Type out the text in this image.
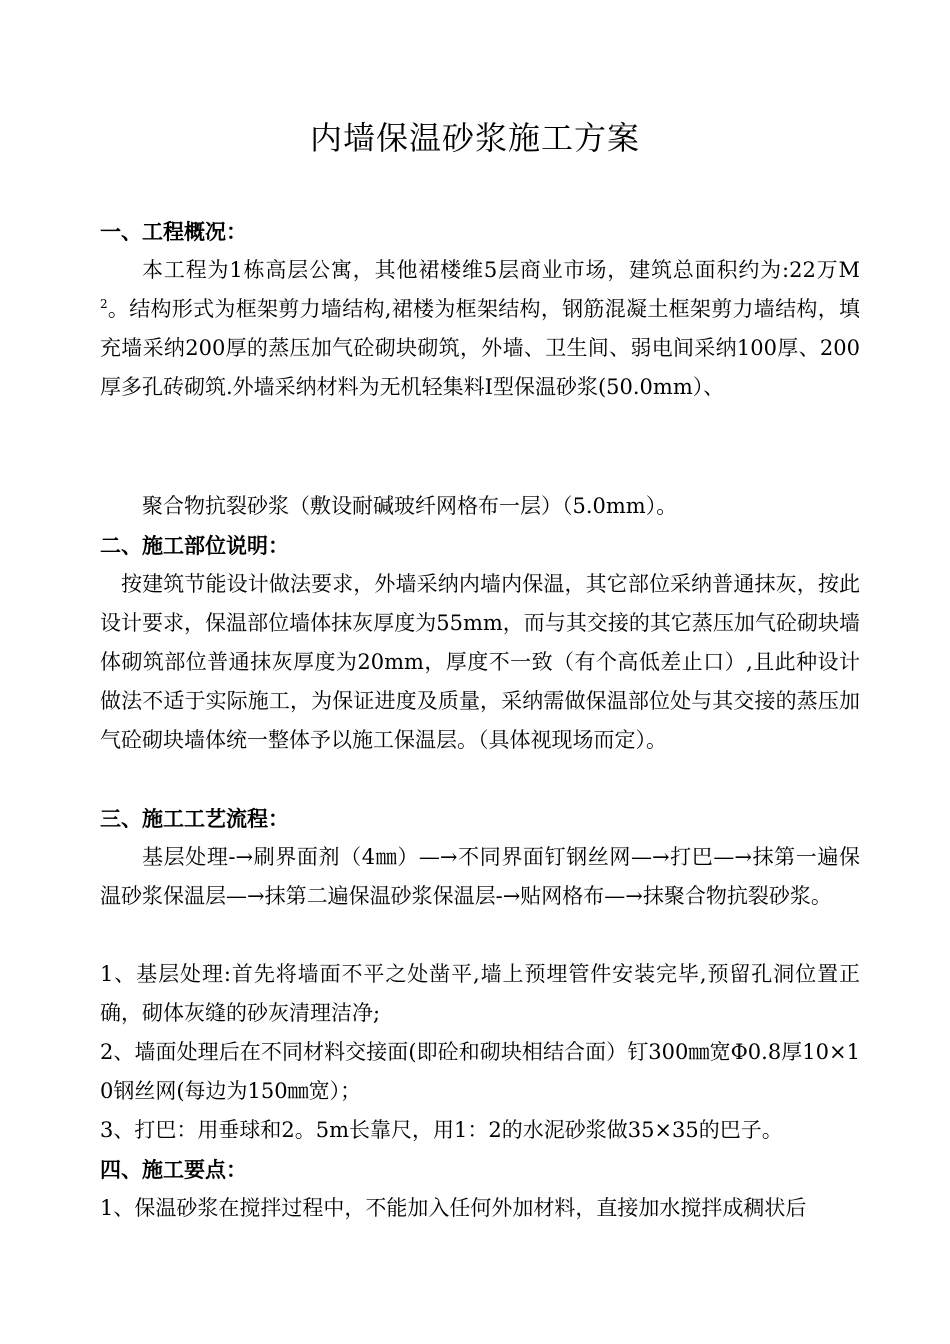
内墙保温砂浆施工方案
一、工程概况：
本工程为1栋高层公寓，其他裙楼维5层商业市场，建筑总面积约为:22万$M^2$。结构形式为框架剪力墙结构,裙楼为框架结构，钢筋混凝土框架剪力墙结构，填充墙采纳200厚的蒸压加气砼砌块砌筑，外墙、卫生间、弱电间采纳100厚、200厚多孔砖砌筑.外墙采纳材料为无机轻集料I型保温砂浆(50.0mm）、
聚合物抗裂砂浆（敷设耐碱玻纤网格布一层）（5.0mm）。
二、施工部位说明：
按建筑节能设计做法要求，外墙采纳内墙内保温，其它部位采纳普通抹灰，按此设计要求，保温部位墙体抹灰厚度为55mm，而与其交接的其它蒸压加气砼砌块墙体砌筑部位普通抹灰厚度为20mm，厚度不一致（有个高低差止口）,且此种设计做法不适于实际施工，为保证进度及质量，采纳需做保温部位处与其交接的蒸压加气砼砌块墙体统一整体予以施工保温层。（具体视现场而定）。
三、施工工艺流程：
基层处理-→刷界面剂（4㎜）—→不同界面钉钢丝网—→打巴—→抹第一遍保温砂浆保温层—→抹第二遍保温砂浆保温层-→贴网格布—→抹聚合物抗裂砂浆。
1、基层处理:首先将墙面不平之处凿平,墙上预埋管件安装完毕,预留孔洞位置正确，砌体灰缝的砂灰清理洁净;
2、墙面处理后在不同材料交接面(即砼和砌块相结合面）钉300㎜宽Φ0.8厚10×10钢丝网(每边为150㎜宽）；
3、打巴：用垂球和2。5m长靠尺，用1：2的水泥砂浆做35×35的巴子。
四、施工要点：
1、保温砂浆在搅拌过程中，不能加入任何外加材料，直接加水搅拌成稠状后
